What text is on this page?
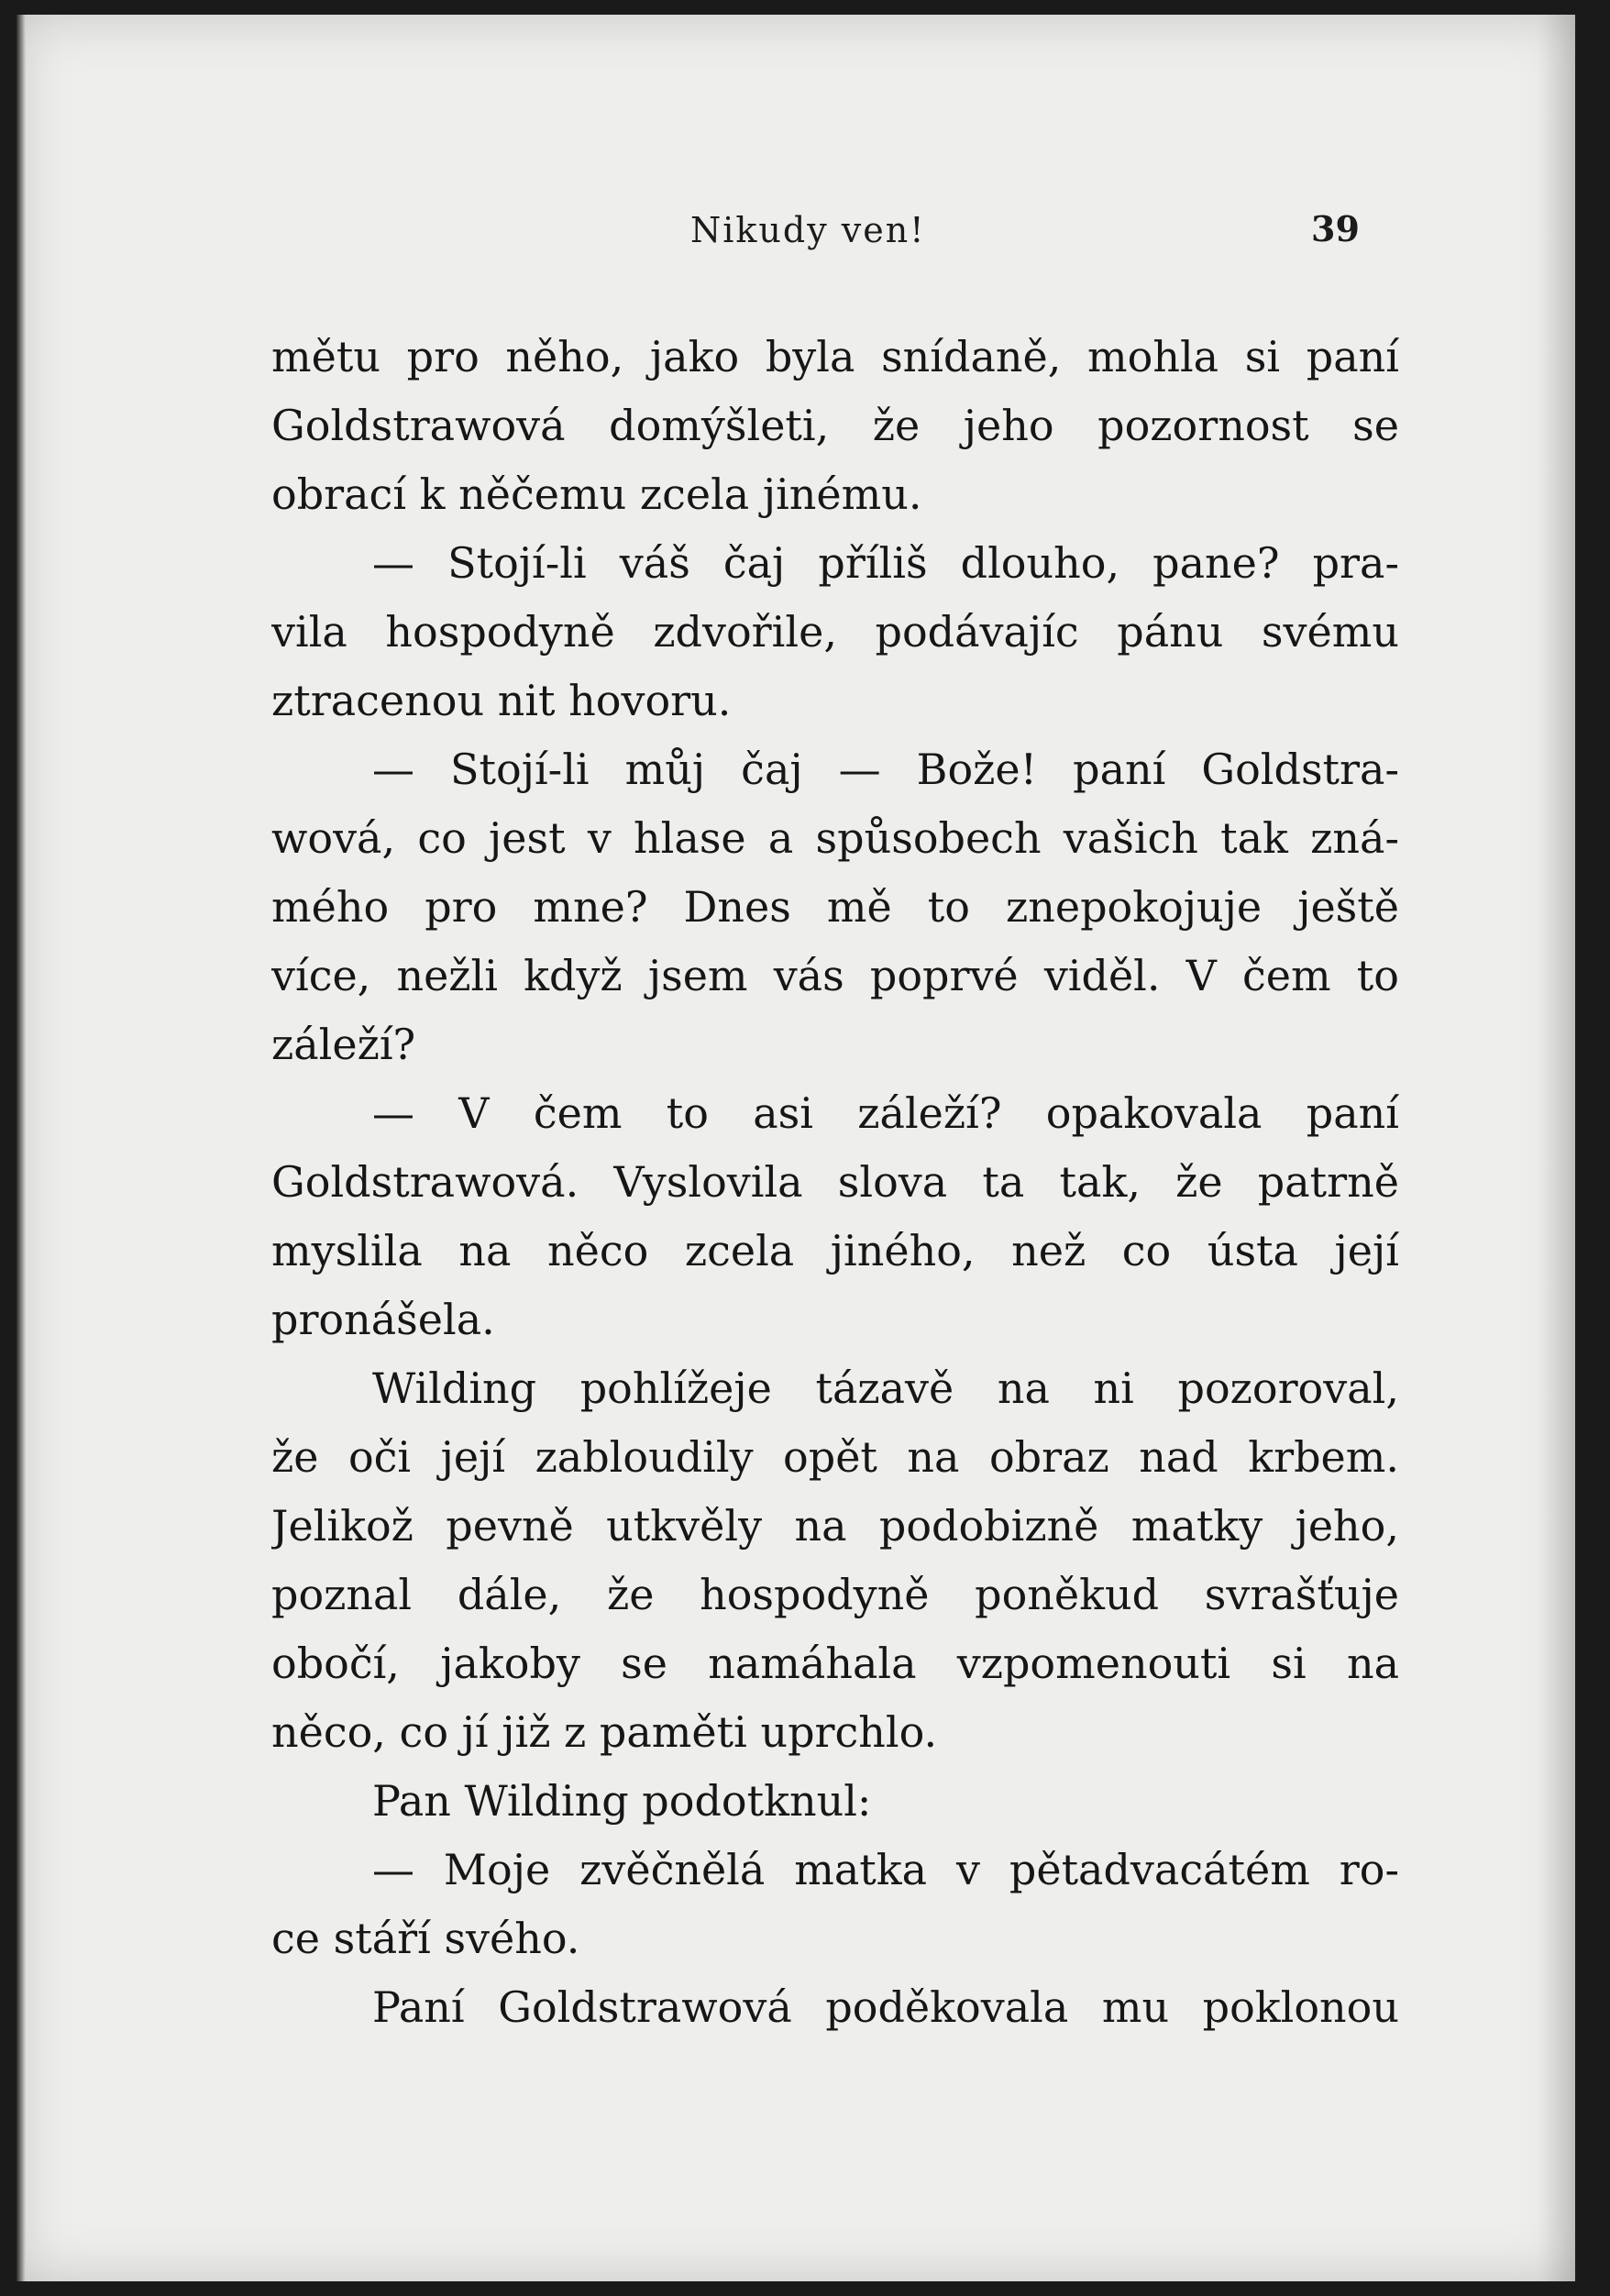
Nikudy ven!	39
mětu pro něho, jako byla snídaně, mohla si paní
Goldstrawová domýšleti, že jeho pozornost se
obrací k něčemu zcela jinému.
— Stojí-li váš čaj příliš dlouho, pane? pra-
vila hospodyně zdvořile, podávajíc pánu svému
ztracenou nit hovoru.
— Stojí-li můj čaj — Bože! paní Goldstra-
wová, co jest v hlase a spůsobech vašich tak zná-
mého pro mne? Dnes mě to znepokojuje ještě
více, nežli když jsem vás poprvé viděl. V čem to
záleží?
— V čem to asi záleží? opakovala paní
Goldstrawová. Vyslovila slova ta tak, že patrně
myslila na něco zcela jiného, než co ústa její
pronášela.
Wilding pohlížeje tázavě na ni pozoroval,
že oči její zabloudily opět na obraz nad krbem.
Jelikož pevně utkvěly na podobizně matky jeho,
poznal dále, že hospodyně poněkud svrašťuje
obočí, jakoby se namáhala vzpomenouti si na
něco, co jí již z paměti uprchlo.
Pan Wilding podotknul:
— Moje zvěčnělá matka v pětadvacátém ro-
ce stáří svého.
Paní Goldstrawová poděkovala mu poklonou
